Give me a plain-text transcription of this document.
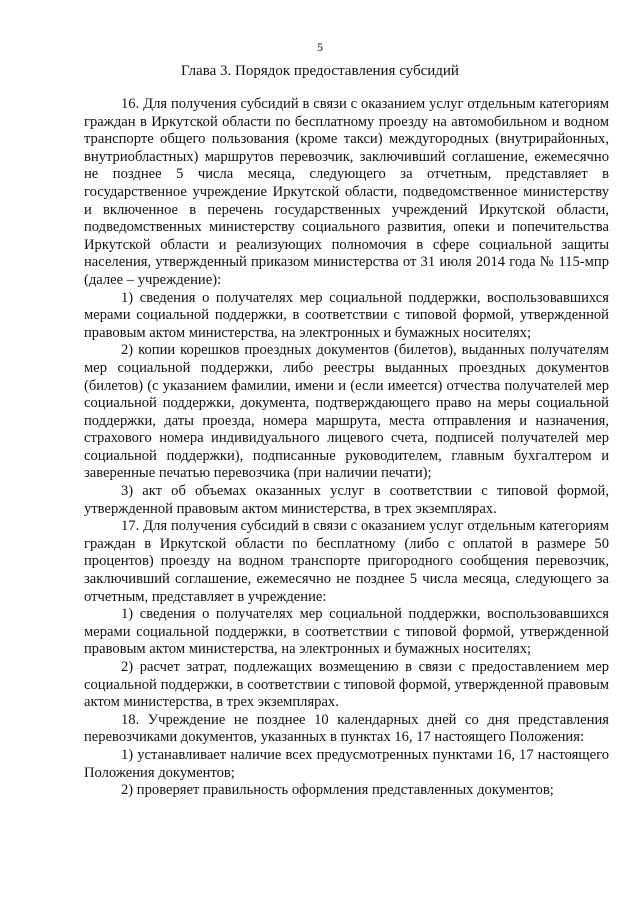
5
Глава 3. Порядок предоставления субсидий

16. Для получения субсидий в связи с оказанием услуг отдельным категориям граждан в Иркутской области по бесплатному проезду на автомобильном и водном транспорте общего пользования (кроме такси) междугородных (внутрирайонных, внутриобластных) маршрутов перевозчик, заключивший соглашение, ежемесячно не позднее 5 числа месяца, следующего за отчетным, представляет в государственное учреждение Иркутской области, подведомственное министерству и включенное в перечень государственных учреждений Иркутской области, подведомственных министерству социального развития, опеки и попечительства Иркутской области и реализующих полномочия в сфере социальной защиты населения, утвержденный приказом министерства от 31 июля 2014 года № 115-мпр (далее – учреждение):

1) сведения о получателях мер социальной поддержки, воспользовавшихся мерами социальной поддержки, в соответствии с типовой формой, утвержденной правовым актом министерства, на электронных и бумажных носителях;

2) копии корешков проездных документов (билетов), выданных получателям мер социальной поддержки, либо реестры выданных проездных документов (билетов) (с указанием фамилии, имени и (если имеется) отчества получателей мер социальной поддержки, документа, подтверждающего право на меры социальной поддержки, даты проезда, номера маршрута, места отправления и назначения, страхового номера индивидуального лицевого счета, подписей получателей мер социальной поддержки), подписанные руководителем, главным бухгалтером и заверенные печатью перевозчика (при наличии печати);

3) акт об объемах оказанных услуг в соответствии с типовой формой, утвержденной правовым актом министерства, в трех экземплярах.

17. Для получения субсидий в связи с оказанием услуг отдельным категориям граждан в Иркутской области по бесплатному (либо с оплатой в размере 50 процентов) проезду на водном транспорте пригородного сообщения перевозчик, заключивший соглашение, ежемесячно не позднее 5 числа месяца, следующего за отчетным, представляет в учреждение:

1) сведения о получателях мер социальной поддержки, воспользовавшихся мерами социальной поддержки, в соответствии с типовой формой, утвержденной правовым актом министерства, на электронных и бумажных носителях;

2) расчет затрат, подлежащих возмещению в связи с предоставлением мер социальной поддержки, в соответствии с типовой формой, утвержденной правовым актом министерства, в трех экземплярах.

18. Учреждение не позднее 10 календарных дней со дня представления перевозчиками документов, указанных в пунктах 16, 17 настоящего Положения:

1) устанавливает наличие всех предусмотренных пунктами 16, 17 настоящего Положения документов;

2) проверяет правильность оформления представленных документов;
